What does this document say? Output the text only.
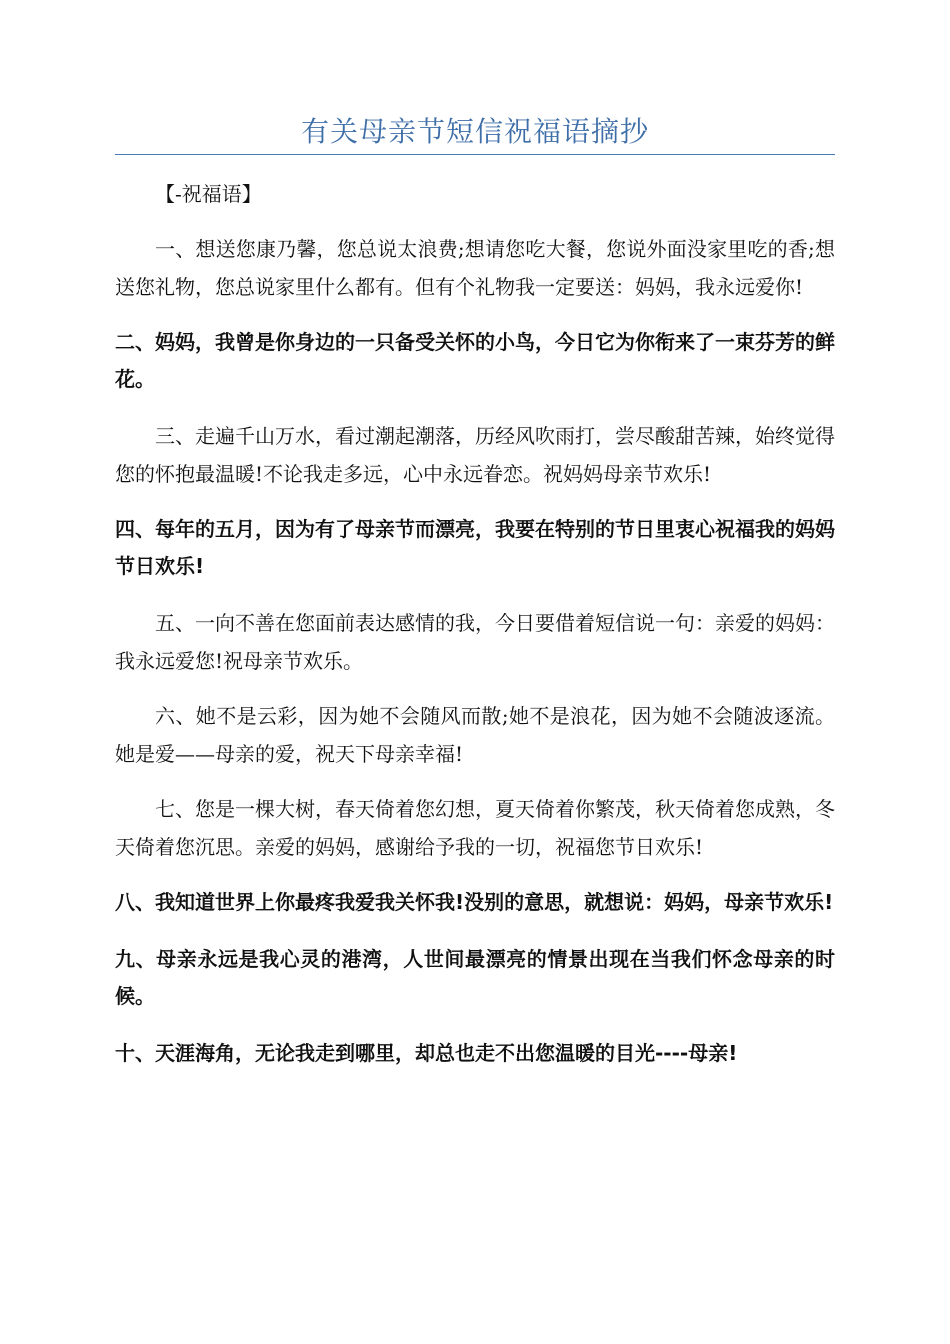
有关母亲节短信祝福语摘抄
【-祝福语】

一、想送您康乃馨，您总说太浪费;想请您吃大餐，您说外面没家里吃的香;想送您礼物，您总说家里什么都有。但有个礼物我一定要送：妈妈，我永远爱你!

二、妈妈，我曾是你身边的一只备受关怀的小鸟，今日它为你衔来了一束芬芳的鲜花。

三、走遍千山万水，看过潮起潮落，历经风吹雨打，尝尽酸甜苦辣，始终觉得您的怀抱最温暖!不论我走多远，心中永远眷恋。祝妈妈母亲节欢乐!

四、每年的五月，因为有了母亲节而漂亮，我要在特别的节日里衷心祝福我的妈妈节日欢乐!

五、一向不善在您面前表达感情的我，今日要借着短信说一句：亲爱的妈妈：我永远爱您!祝母亲节欢乐。

六、她不是云彩，因为她不会随风而散;她不是浪花，因为她不会随波逐流。她是爱——母亲的爱，祝天下母亲幸福!

七、您是一棵大树，春天倚着您幻想，夏天倚着你繁茂，秋天倚着您成熟，冬天倚着您沉思。亲爱的妈妈，感谢给予我的一切，祝福您节日欢乐!

八、我知道世界上你最疼我爱我关怀我!没别的意思，就想说：妈妈，母亲节欢乐!

九、母亲永远是我心灵的港湾，人世间最漂亮的情景出现在当我们怀念母亲的时候。

十、天涯海角，无论我走到哪里，却总也走不出您温暖的目光----母亲!
